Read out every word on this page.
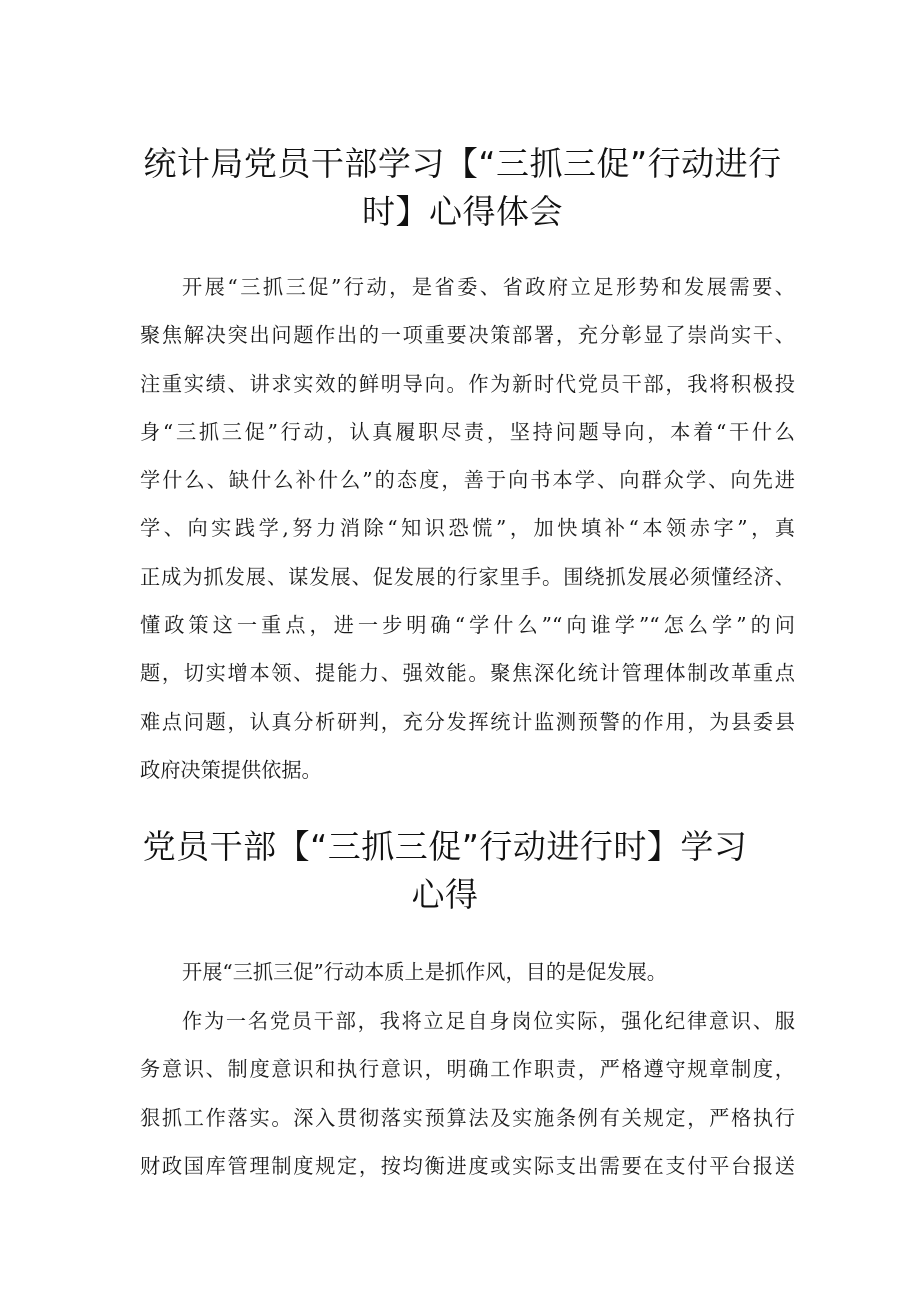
统计局党员干部学习【“三抓三促”行动进行
时】心得体会
开展“三抓三促”行动，是省委、省政府立足形势和发展需要、
聚焦解决突出问题作出的一项重要决策部署，充分彰显了崇尚实干、
注重实绩、讲求实效的鲜明导向。作为新时代党员干部，我将积极投
身“三抓三促”行动，认真履职尽责，坚持问题导向，本着“干什么
学什么、缺什么补什么”的态度，善于向书本学、向群众学、向先进
学、向实践学,努力消除“知识恐慌”，加快填补“本领赤字”，真
正成为抓发展、谋发展、促发展的行家里手。围绕抓发展必须懂经济、
懂政策这一重点，进一步明确“学什么”“向谁学”“怎么学”的问
题，切实增本领、提能力、强效能。聚焦深化统计管理体制改革重点
难点问题，认真分析研判，充分发挥统计监测预警的作用，为县委县
政府决策提供依据。
党员干部【“三抓三促”行动进行时】学习
心得
开展“三抓三促”行动本质上是抓作风，目的是促发展。
作为一名党员干部，我将立足自身岗位实际，强化纪律意识、服
务意识、制度意识和执行意识，明确工作职责，严格遵守规章制度，
狠抓工作落实。深入贯彻落实预算法及实施条例有关规定，严格执行
财政国库管理制度规定，按均衡进度或实际支出需要在支付平台报送
